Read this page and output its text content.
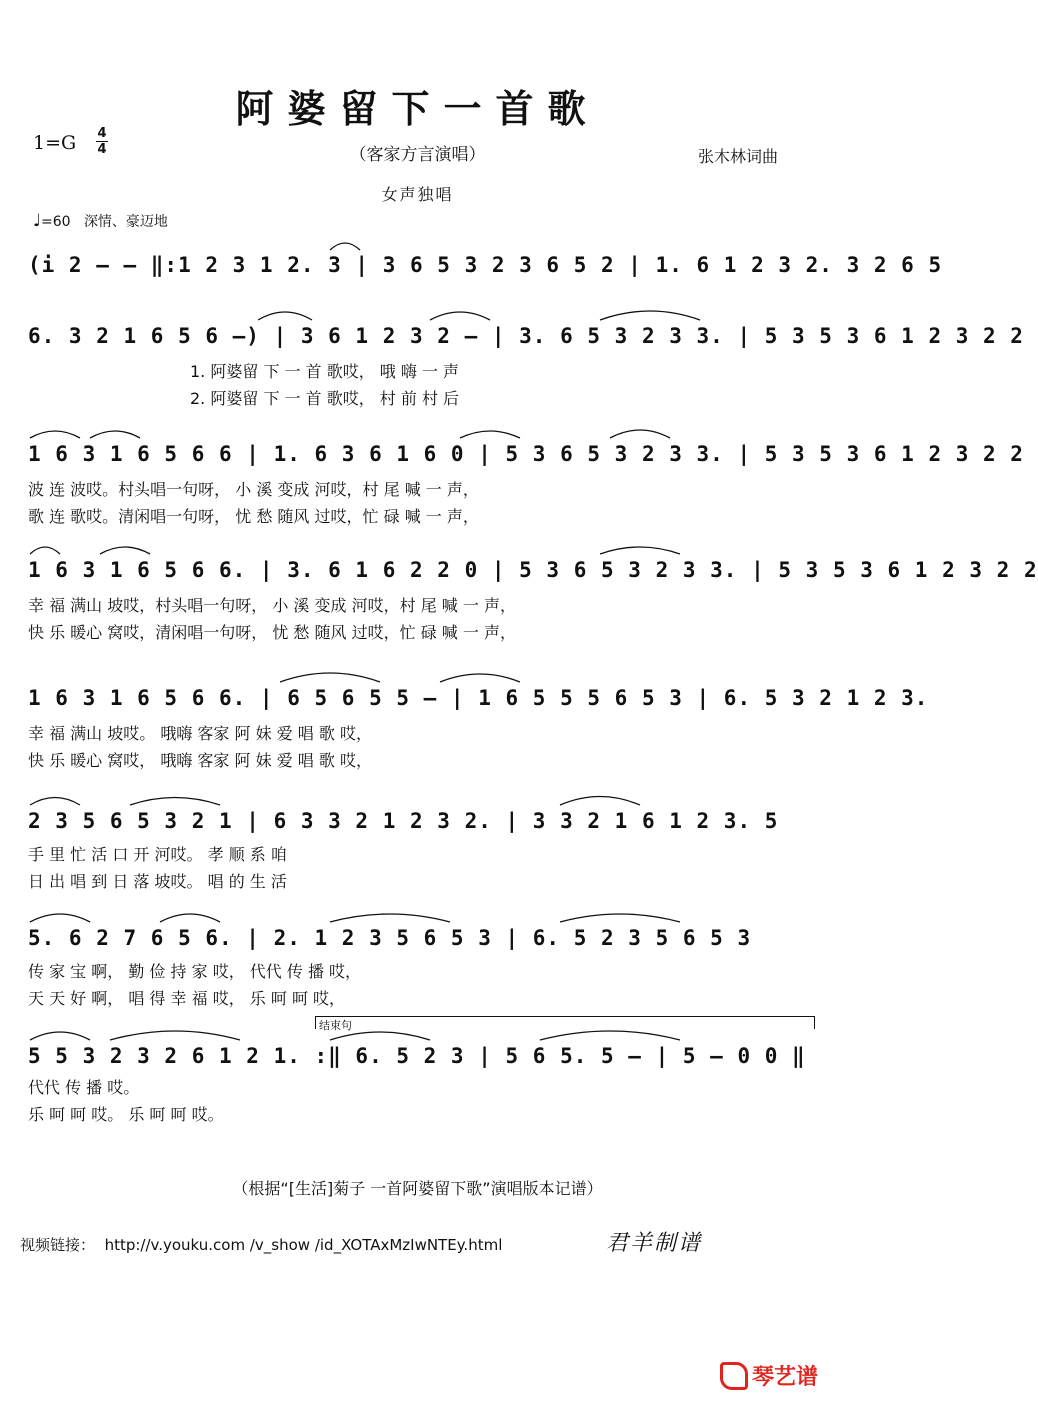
阿婆留下一首歌
1=G 4
4	（客家方言演唱）	张木林词曲
女声独唱
♩=60 深情、豪迈地
(i 2 – – ‖:1 2 3 1 2. 3 | 3 6 5 3 2 3 6 5 2 | 1. 6 1 2 3 2. 3 2 6 5
6. 3 2 1 6 5 6 –) | 3 6 1 2 3 2 – | 3. 6 5 3 2 3 3. | 5 3 5 3 6 1 2 3 2 2
1. 阿婆留 下 一 首 歌哎， 哦 嗨 一 声
2. 阿婆留 下 一 首 歌哎， 村 前 村 后
1 6 3 1 6 5 6 6 | 1. 6 3 6 1 6 0 | 5 3 6 5 3 2 3 3. | 5 3 5 3 6 1 2 3 2 2
波 连 波哎。村头唱一句呀， 小 溪 变成 河哎，村 尾 喊 一 声，
歌 连 歌哎。清闲唱一句呀， 忧 愁 随风 过哎，忙 碌 喊 一 声，
1 6 3 1 6 5 6 6. | 3. 6 1 6 2 2 0 | 5 3 6 5 3 2 3 3. | 5 3 5 3 6 1 2 3 2 2
幸 福 满山 坡哎，村头唱一句呀， 小 溪 变成 河哎，村 尾 喊 一 声，
快 乐 暖心 窝哎，清闲唱一句呀， 忧 愁 随风 过哎，忙 碌 喊 一 声，
1 6 3 1 6 5 6 6. | 6 5 6 5 5 – | 1 6 5 5 5 6 5 3 | 6. 5 3 2 1 2 3.
幸 福 满山 坡哎。 哦嗨 客家 阿 妹 爱 唱 歌 哎，
快 乐 暖心 窝哎， 哦嗨 客家 阿 妹 爱 唱 歌 哎，
2 3 5 6 5 3 2 1 | 6 3 3 2 1 2 3 2. | 3 3 2 1 6 1 2 3. 5
手 里 忙 活 口 开 河哎。 孝 顺 系 咱
日 出 唱 到 日 落 坡哎。 唱 的 生 活
5. 6 2 7 6 5 6. | 2. 1 2 3 5 6 5 3 | 6. 5 2 3 5 6 5 3
传 家 宝 啊， 勤 俭 持 家 哎， 代代 传 播 哎，
天 天 好 啊， 唱 得 幸 福 哎， 乐 呵 呵 哎，
结束句
5 5 3 2 3 2 6 1 2 1. :‖ 6. 5 2 3 | 5 6 5. 5 – | 5 – 0 0 ‖
代代 传 播 哎。
乐 呵 呵 哎。 乐 呵 呵 哎。
（根据“[生活]菊子 一首阿婆留下歌”演唱版本记谱）
视频链接： http://v.youku.com /v_show /id_XOTAxMzIwNTEy.html	君羊制谱
琴艺谱
